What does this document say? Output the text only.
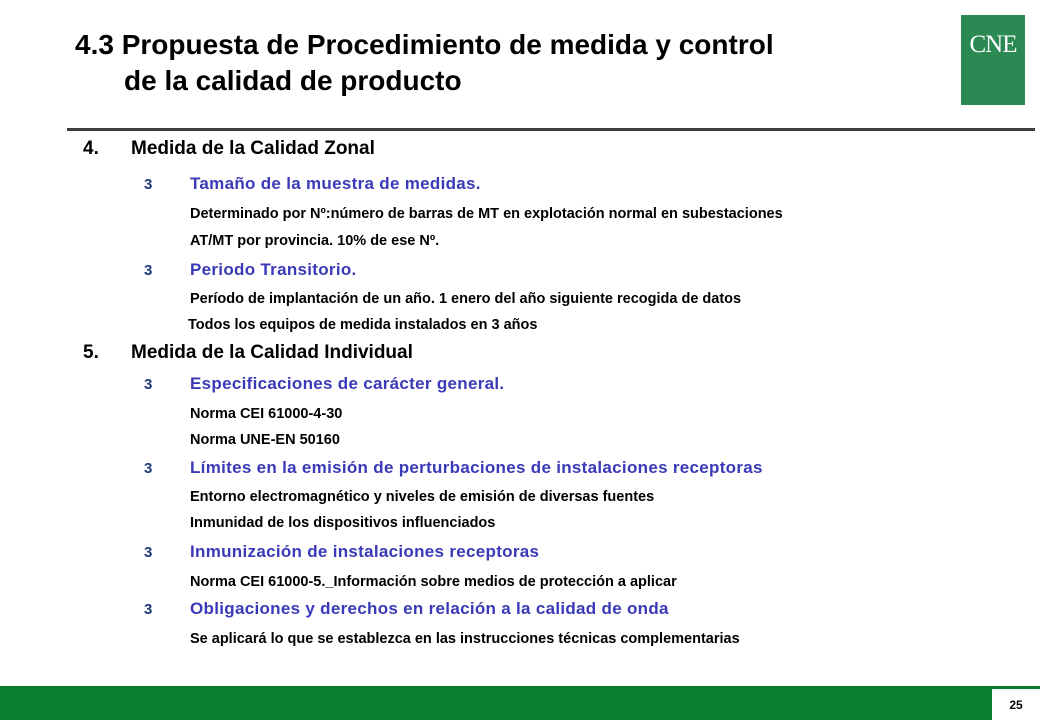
4.3 Propuesta de Procedimiento de medida y control
de la calidad de producto
CNE
4. Medida de la Calidad Zonal
3 Tamaño de la muestra de medidas.
Determinado por Nº:número de barras de MT en explotación normal en subestaciones
AT/MT por provincia. 10% de ese Nº.
3 Periodo Transitorio.
Período de implantación de un año. 1 enero del año siguiente recogida de datos
Todos los equipos de medida instalados en 3 años
5. Medida de la Calidad Individual
3 Especificaciones de carácter general.
Norma CEI 61000-4-30
Norma UNE-EN 50160
3 Límites en la emisión de perturbaciones de instalaciones receptoras
Entorno electromagnético y niveles de emisión de diversas fuentes
Inmunidad de los dispositivos influenciados
3 Inmunización de instalaciones receptoras
Norma CEI 61000-5._Información sobre medios de protección a aplicar
3 Obligaciones y derechos en relación a la calidad de onda
Se aplicará lo que se establezca en las instrucciones técnicas complementarias
25
